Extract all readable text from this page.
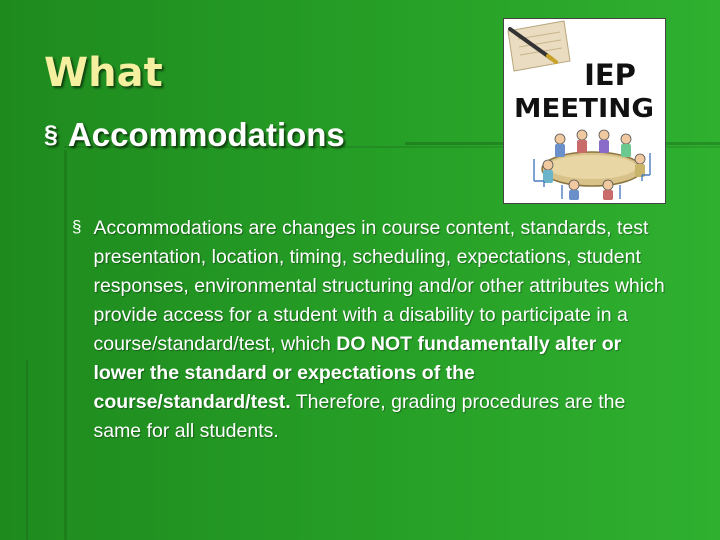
What
§ Accommodations
§ Accommodations are changes in course content, standards, test presentation, location, timing, scheduling, expectations, student responses, environmental structuring and/or other attributes which provide access for a student with a disability to participate in a course/standard/test, which DO NOT fundamentally alter or lower the standard or expectations of the course/standard/test. Therefore, grading procedures are the same for all students.

IEP
MEETING
